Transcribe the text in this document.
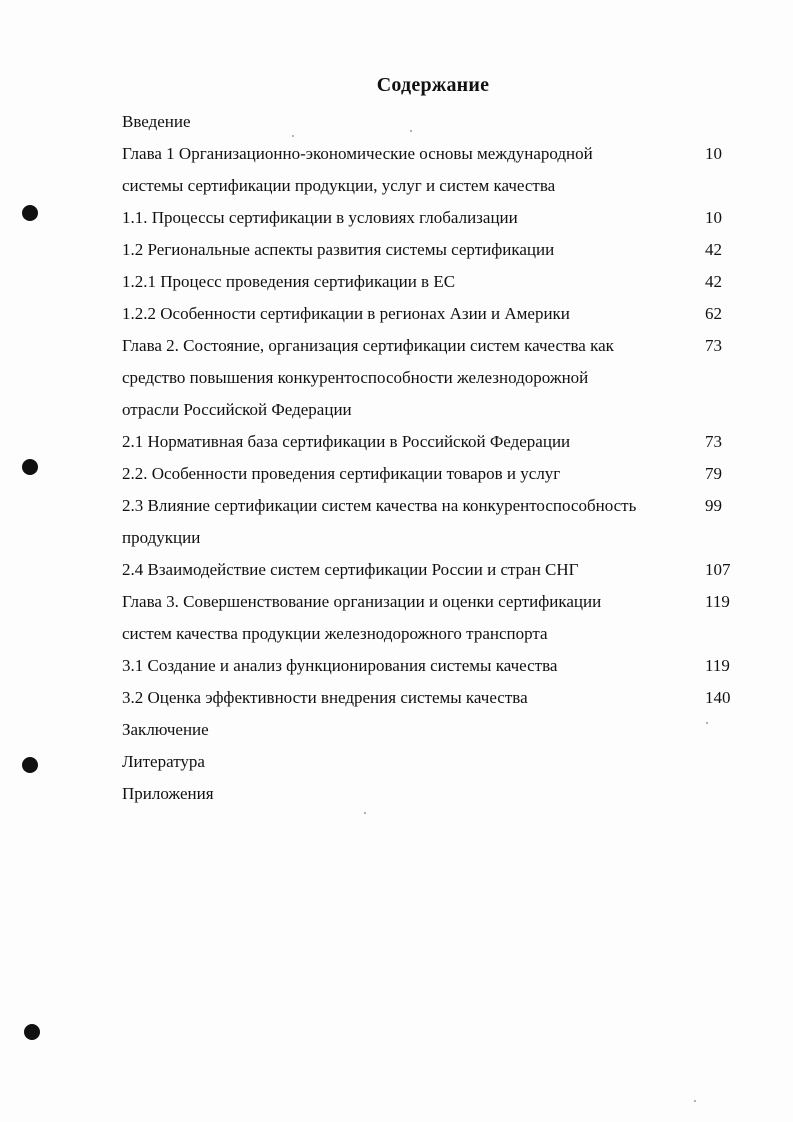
Содержание
Введение
Глава 1 Организационно-экономические основы международной	10
системы сертификации продукции, услуг и систем качества
1.1. Процессы сертификации в условиях глобализации	10
1.2 Региональные аспекты развития системы сертификации	42
1.2.1 Процесс проведения сертификации в ЕС	42
1.2.2 Особенности сертификации в регионах Азии и Америки	62
Глава 2. Состояние, организация сертификации систем качества как	73
средство повышения конкурентоспособности железнодорожной
отрасли Российской Федерации
2.1 Нормативная база сертификации в Российской Федерации	73
2.2. Особенности проведения сертификации товаров и услуг	79
2.3 Влияние сертификации систем качества на конкурентоспособность	99
продукции
2.4 Взаимодействие систем сертификации России и стран СНГ	107
Глава 3. Совершенствование организации и оценки сертификации	119
систем качества продукции железнодорожного транспорта
3.1 Создание и анализ функционирования системы качества	119
3.2 Оценка эффективности внедрения системы качества	140
Заключение
Литература
Приложения
